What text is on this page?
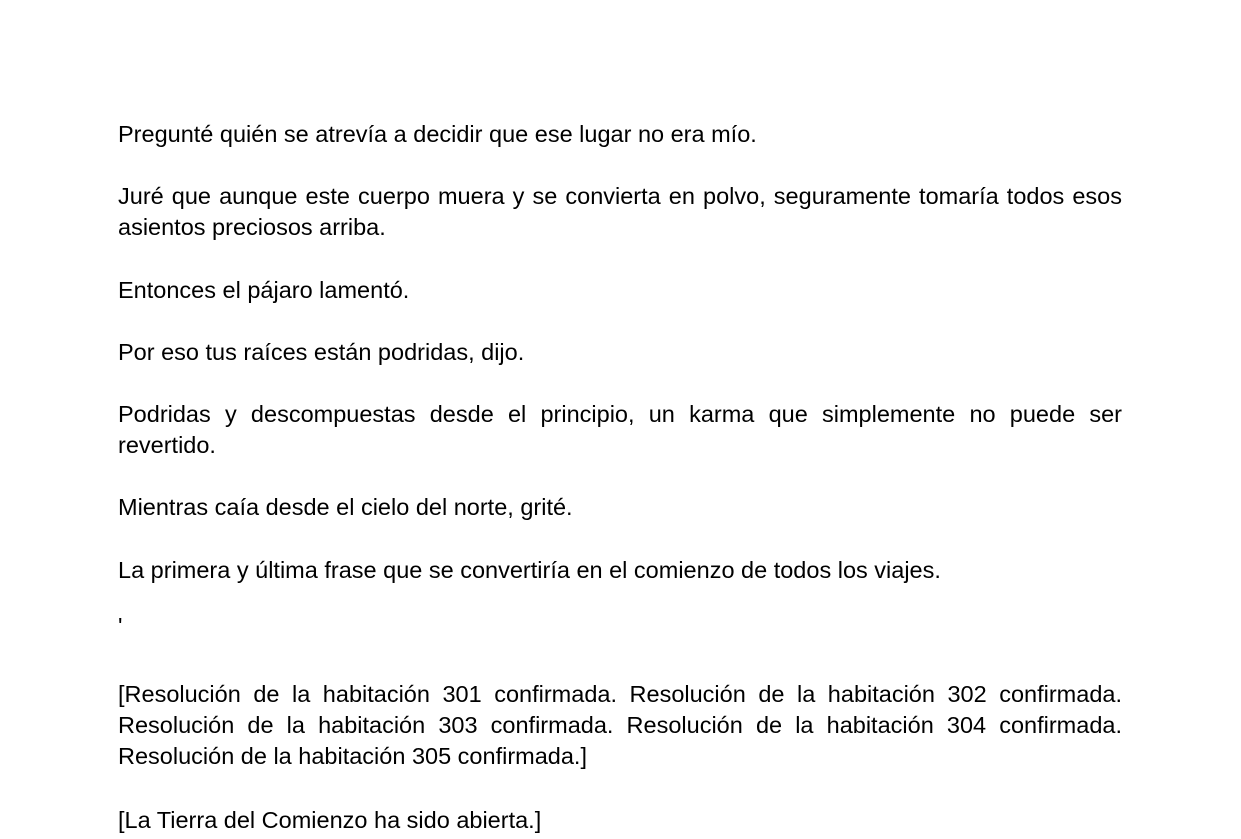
Pregunté quién se atrevía a decidir que ese lugar no era mío.

Juré que aunque este cuerpo muera y se convierta en polvo, seguramente tomaría todos esos asientos preciosos arriba.

Entonces el pájaro lamentó.

Por eso tus raíces están podridas, dijo.

Podridas y descompuestas desde el principio, un karma que simplemente no puede ser revertido.

Mientras caía desde el cielo del norte, grité.

La primera y última frase que se convertiría en el comienzo de todos los viajes.

'

[Resolución de la habitación 301 confirmada. Resolución de la habitación 302 confirmada. Resolución de la habitación 303 confirmada. Resolución de la habitación 304 confirmada. Resolución de la habitación 305 confirmada.]

[La Tierra del Comienzo ha sido abierta.]
